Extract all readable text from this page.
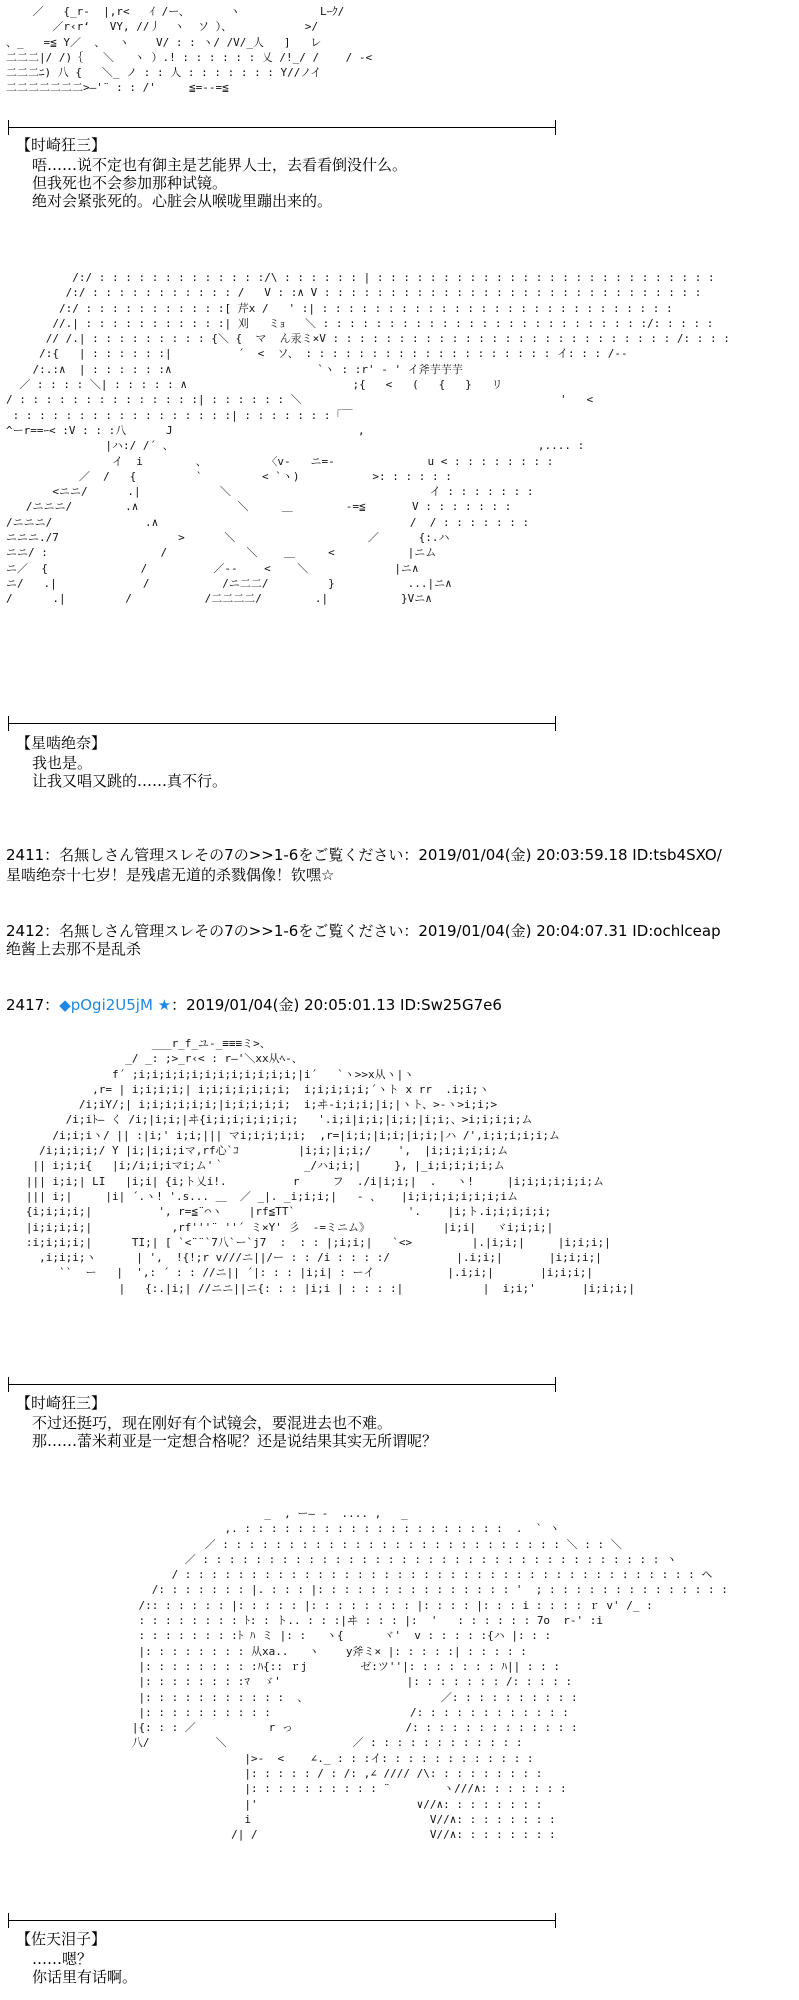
／   {_r-  |,r<   ｲ /ー、      ヽ            Lｰｸ/
／r‹r‘   VY, //丿  ヽ  ソ ）、           >/
、_   =≦ Y／  、  ヽ    V/ : : ヽ/ /V/_人   ]   レ
二二二|/ /)｛   ＼   ヽ ）.! : : : : : : 乂 /!_/ /    / ‐<
二二二ﾆ) 八 {   ＼_ ノ : : 人 : : : : : : : Y//ノイ
二二二二二二二>―'¨ : : /'     ≦=‐‐=≦
【时崎狂三】
唔……说不定也有御主是艺能界人士，去看看倒没什么。
但我死也不会参加那种试镜。
绝对会紧张死的。心脏会从喉咙里蹦出来的。
/:/ : : : : : : : : : : : : :/\ : : : : : : | : : : : : : : : : : : : : : : : : : : : : : : : : :
/:/ : : : : : : : : : : : /   V : :∧ V : : : : : : : : : : : : : : : : : : : : : : : : : : : : :
/:/ : : : : : : : : : : :[ 芹x /   ' :| : : : : : : : : : : : : : : : : : : : : : : : : : : :
//.| : : : : : : : : : : :| 刈   ミｮ   ＼ : : : : : : : : : : : : : : : : : : : : : : : : :/: : : : :
// /.| : : : : : : : : : {＼ {  マ  ん汞ミ×V : : : : : : : : : : : : : : : : : : : : : : : : : : /: : : :
/:{   | : : : : : :|          ´  <  ソ、 : : : : : : : : : : : : : : : : : : : イ: : : /‐-
/:.:∧  | : : : : : :∧                      `ヽ : :r' ‐ ' イ斧芋芋芋
／ : : : : ＼| : : : : : ∧                         ;{   <   (   {   }   リ
/ : : : : : : : : : : : : : :| : : : : : : ＼                                       '   <
: : : : : : : : : : : : : : : : :| : : : : : : :「￣
^ーr==ｰ< :V : : :八      J                            ,
|ハ:/ /´ 、                                                       ,.... :
イ  i        、         〈v-   ニ=-              u < : : : : : : : :
／  /   {         `         < `ヽ)           >: : : : : :
<ニニ/      .|            ＼                              イ : : : : : : :
/ニニニ/        .∧               ＼     ＿        -=≦       V : : : : : : :
/ニニニ/              .∧                                      /  / : : : : : : :
ニニニ./7                  >      ＼                    ／      {:.ハ
ニニ/ :                 /            ＼    ＿     <           |ニム
ニ／  {              /          ／‐-    <    ＼             |ニ∧
ニ/   .|             /           /ニ二二/         }           ...|ニ∧
/      .|         /           /二二二二/        .|           }Vニ∧
【星啮绝奈】
我也是。
让我又唱又跳的……真不行。
2411：名無しさん管理スレその7の>>1-6をご覧ください：2019/01/04(金) 20:03:59.18 ID:tsb4SXO/
星啮绝奈十七岁！是残虐无道的杀戮偶像！钦嘿☆
2412：名無しさん管理スレその7の>>1-6をご覧ください：2019/01/04(金) 20:04:07.31 ID:ochlceap
绝酱上去那不是乱杀
2417：◆pOgi2U5jM ★：2019/01/04(金) 20:05:01.13 ID:Sw25G7e6
___r_f_ユ-_≡≡≡ミ>、
_/ _: ;>_r‹< : r―'＼xx从ﾍ-、
f´ ;i;i;i;i;i;i;i;i;i;i;i;i;|i´   `ヽ>>x从ヽ|ヽ
,r= | i;i;i;i;| i;i;i;i;i;i;i;  i;i;i;i;i;´ヽト x rr  .i;i;ヽ
/i;iY/;| i;i;i;i;i;i;|i;i;i;i;i;  i;ヰ‐i;i;i;|i;|ヽト、>-ヽ>i;i;>
/i;iﾄ― く /i;|i;i;|ヰ{i;i;i;i;i;i;i;   '.i;i|i;i;|i;i;|i;i;、>i;i;i;i;ム
/i;i;iヽ/ || :|i;' i;i;||| マi;i;i;i;i;  ,r=|i;i;|i;i;|i;i;|ハ /',i;i;i;i;i;ム
/i;i;i;i;/ Y |i;|i;i;iマ,rf心`ｺ         |i;i;|i;i;/    ',  |i;i;i;i;i;ム
|| i;i;i{   |i;/i;i;iマi;ム'｀            _/ハi;i;|     }, |_i;i;i;i;i;ム
||| i;i;| LI   |i;i| {i;ト乂i!.          r     フ  ./i|i;i;|  .   ヽ!     |i;i;i;i;i;i;ム
||| i;|     |i| ´.ヽ! '.s... ＿  ／ _|. _i;i;i;|   ‐ 、   |i;i;i;i;i;i;i;iム
{i;i;i;i;|          ', r=≦¨⌒ヽ    |rf≦TT`                 '.    |i;ト.i;i;i;i;i;
|i;i;i;i;|            ,rf'''¨ ''´ ミ×Y' 彡  ‐=ミニム》           |i;i|   ヾi;i;i;|
:i;i;i;i;|      TI;| [ `<¨¨`7八`ー`j7  :  : : |;i;i;|   `<>         |.|i;i;|     |i;i;i;|
,i;i;i;ヽ      | ',  !{!;r v///ニ||/ー : : /i : : : :/          |.i;i;|       |i;i;i;|
``  ー   |  ',: ´ : : //ニ|| ´|: : : |i;i| : ーイ           |.i;i;|       |i;i;i;|
|   {:.|i;| //ニニ||ニ{: : : |i;i | : : : :|            |  i;i;'       |i;i;i;|
【时崎狂三】
不过还挺巧，现在刚好有个试镜会，要混进去也不难。
那……蕾米莉亚是一定想合格呢？还是说结果其实无所谓呢？
_  , ー― ‐  .... ,   _
,. : : : : : : : : : : : : : : : : : : : :  .  ` ヽ
／ : : : : : : : : : : : : : : : : : : : : : : : : : : ＼ : : ＼
／ : : : : : : : : : : : : : : : : : : : : : : : : : : : : : : : : : : : ヽ
/ : : : : : : : : : : : : : : : : : : : : : : : : : : : : : : : : : : : : : : : ヘ
/: : : : : : : |. : : : |: : : : : : : : : : : : : : : '  ; : : : : : : : : : : : : : :
/:: : : : : : |: : : : : |: : : : : : : : |: : : : |: : : i : : : : ｒ v' /_ :
: : : : : : : : ﾄ: : ト.. : : :|ヰ : : : |:  '   : : : : : : 7o  r‐' :i
: : : : : : : :ﾄ ﾊ ミ |: :   ヽ{      ヾ'  v : : : : :{ハ |: : :
|: : : : : : : : 从xa..   ヽ    y斧ミ× |: : : : :| : : : : :
|: : : : : : : : :ﾊ{:: ｒj        ゼ:ツ''|: : : : : : : ﾊ|| : : :
|: : : : : : : :ﾏ  ゞ'                   |: : : : : : : /: : : : :
|: : : : : : : : : : :  、                    ／: : : : : : : : : :
|: : : : : : : : : :                     /: : : : : : : : : : : :
|{: : : ／           r っ                 /: : : : : : : : : : : : :
八/          ＼                   ／ : : : : : : : : : : : :
|>-  <    ∠._ : : :イ: : : : : : : : : : : :
|: : : : : / : /: ,∠ //// /\: : : : : : : : :
|: : : : : : : : : : ¨        ヽ///∧: : : : : : :
|'                        ∨//∧: : : : : : : :
i                           V//∧: : : : : : : :
/| /                          V//∧: : : : : : : :
【佐天泪子】
……嗯？
你话里有话啊。
